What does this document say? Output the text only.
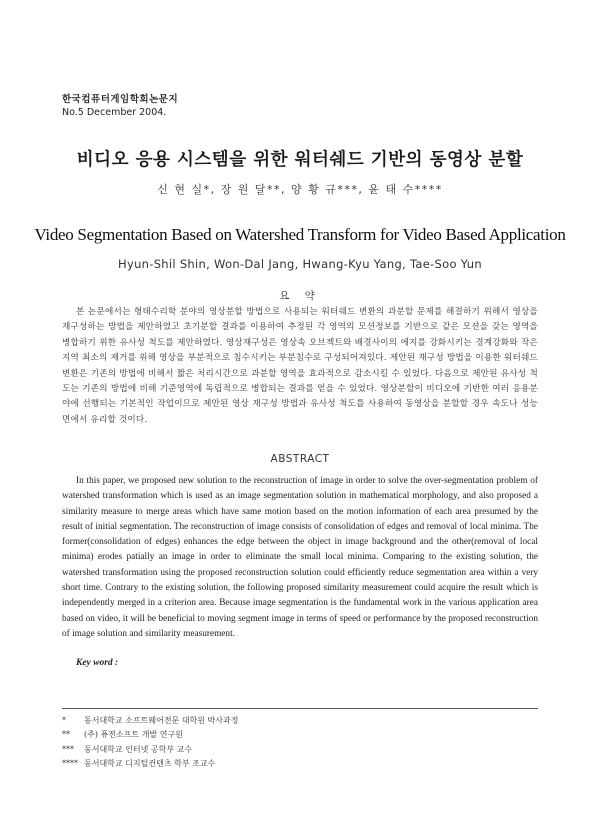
한국컴퓨터게임학회논문지
No.5 December 2004.
비디오 응용 시스템을 위한 워터쉐드 기반의 동영상 분할
신 현 실*, 장 원 달**, 양 황 규***, 윤 태 수****
Video Segmentation Based on Watershed Transform for Video Based Application
Hyun-Shil Shin, Won-Dal Jang, Hwang-Kyu Yang, Tae-Soo Yun
요 약
본 논문에서는 형태수리학 분야의 영상분할 방법으로 사용되는 워터쉐드 변환의 과분할 문제를 해결하기 위해서 영상을 재구성하는 방법을 제안하였고 초기분할 결과를 이용하여 추정된 각 영역의 모션정보를 기반으로 같은 모션을 갖는 영역을 병합하기 위한 유사성 척도를 제안하였다. 영상재구성은 영상속 오브젝트와 배경사이의 에지를 강화시키는 경계강화와 작은 지역 최소의 제거를 위해 영상을 부분적으로 침수시키는 부분침수로 구성되어져있다. 제안된 재구성 방법을 이용한 워터쉐드 변환은 기존의 방법에 비해서 짧은 처리시간으로 과분할 영역을 효과적으로 감소시킬 수 있었다. 다음으로 제안된 유사성 척도는 기존의 방법에 비해 기준영역에 독립적으로 병합되는 결과를 얻을 수 있었다. 영상분할이 비디오에 기반한 여러 응용분야에 선행되는 기본적인 작업이므로 제안된 영상 재구성 방법과 유사성 척도를 사용하여 동영상을 분할할 경우 속도나 성능 면에서 유리할 것이다.
ABSTRACT
In this paper, we proposed new solution to the reconstruction of image in order to solve the over-segmentation problem of watershed transformation which is used as an image segmentation solution in mathematical morphology, and also proposed a similarity measure to merge areas which have same motion based on the motion information of each area presumed by the result of initial segmentation. The reconstruction of image consists of consolidation of edges and removal of local minima. The former(consolidation of edges) enhances the edge between the object in image background and the other(removal of local minima) erodes patially an image in order to eliminate the small local minima. Comparing to the existing solution, the watershed transformation using the proposed reconstruction solution could efficiently reduce segmentation area within a very short time. Contrary to the existing solution, the following proposed similarity measurement could acquire the result which is independently merged in a criterion area. Because image segmentation is the fundamental work in the various application area based on video, it will be beneficial to moving segment image in terms of speed or performance by the proposed reconstruction of image solution and similarity measurement.
Key word :
*	동서대학교 소프트웨어전문 대학원 박사과정
**	(주) 퓨전소프트 개발 연구원
***	동서대학교 인터넷 공학부 교수
**** 동서대학교 디지털컨텐츠 학부 조교수
